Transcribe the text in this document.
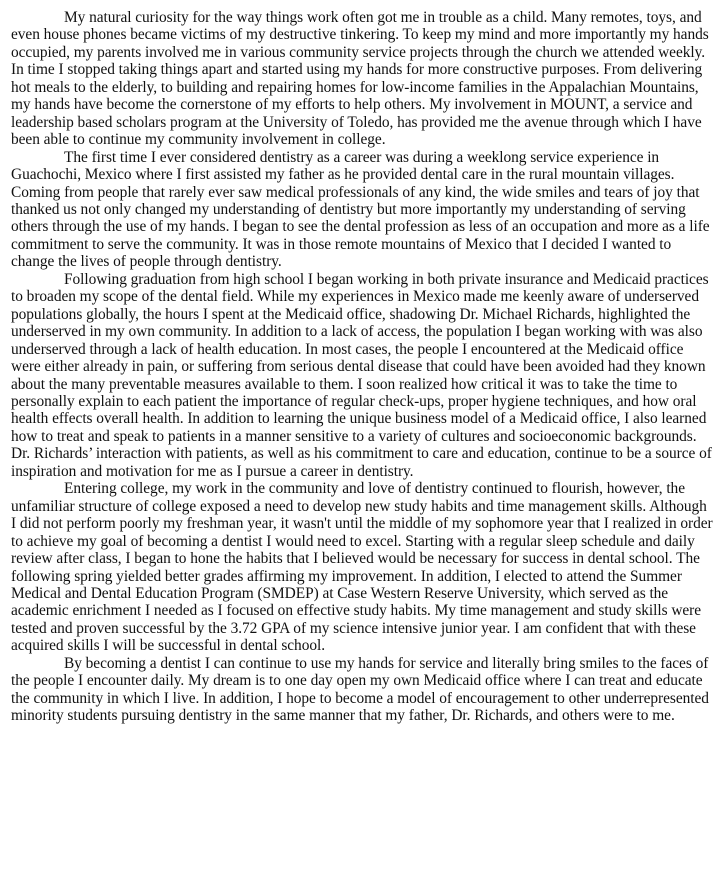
My natural curiosity for the way things work often got me in trouble as a child. Many remotes, toys, and even house phones became victims of my destructive tinkering. To keep my mind and more importantly my hands occupied, my parents involved me in various community service projects through the church we attended weekly. In time I stopped taking things apart and started using my hands for more constructive purposes. From delivering hot meals to the elderly, to building and repairing homes for low-income families in the Appalachian Mountains, my hands have become the cornerstone of my efforts to help others. My involvement in MOUNT, a service and leadership based scholars program at the University of Toledo, has provided me the avenue through which I have been able to continue my community involvement in college.

The first time I ever considered dentistry as a career was during a weeklong service experience in Guachochi, Mexico where I first assisted my father as he provided dental care in the rural mountain villages. Coming from people that rarely ever saw medical professionals of any kind, the wide smiles and tears of joy that thanked us not only changed my understanding of dentistry but more importantly my understanding of serving others through the use of my hands. I began to see the dental profession as less of an occupation and more as a life commitment to serve the community. It was in those remote mountains of Mexico that I decided I wanted to change the lives of people through dentistry.

Following graduation from high school I began working in both private insurance and Medicaid practices to broaden my scope of the dental field. While my experiences in Mexico made me keenly aware of underserved populations globally, the hours I spent at the Medicaid office, shadowing Dr. Michael Richards, highlighted the underserved in my own community. In addition to a lack of access, the population I began working with was also underserved through a lack of health education. In most cases, the people I encountered at the Medicaid office were either already in pain, or suffering from serious dental disease that could have been avoided had they known about the many preventable measures available to them. I soon realized how critical it was to take the time to personally explain to each patient the importance of regular check-ups, proper hygiene techniques, and how oral health effects overall health. In addition to learning the unique business model of a Medicaid office, I also learned how to treat and speak to patients in a manner sensitive to a variety of cultures and socioeconomic backgrounds. Dr. Richards’ interaction with patients, as well as his commitment to care and education, continue to be a source of inspiration and motivation for me as I pursue a career in dentistry.

Entering college, my work in the community and love of dentistry continued to flourish, however, the unfamiliar structure of college exposed a need to develop new study habits and time management skills. Although I did not perform poorly my freshman year, it wasn't until the middle of my sophomore year that I realized in order to achieve my goal of becoming a dentist I would need to excel. Starting with a regular sleep schedule and daily review after class, I began to hone the habits that I believed would be necessary for success in dental school. The following spring yielded better grades affirming my improvement. In addition, I elected to attend the Summer Medical and Dental Education Program (SMDEP) at Case Western Reserve University, which served as the academic enrichment I needed as I focused on effective study habits. My time management and study skills were tested and proven successful by the 3.72 GPA of my science intensive junior year. I am confident that with these acquired skills I will be successful in dental school.

By becoming a dentist I can continue to use my hands for service and literally bring smiles to the faces of the people I encounter daily. My dream is to one day open my own Medicaid office where I can treat and educate the community in which I live. In addition, I hope to become a model of encouragement to other underrepresented minority students pursuing dentistry in the same manner that my father, Dr. Richards, and others were to me.
